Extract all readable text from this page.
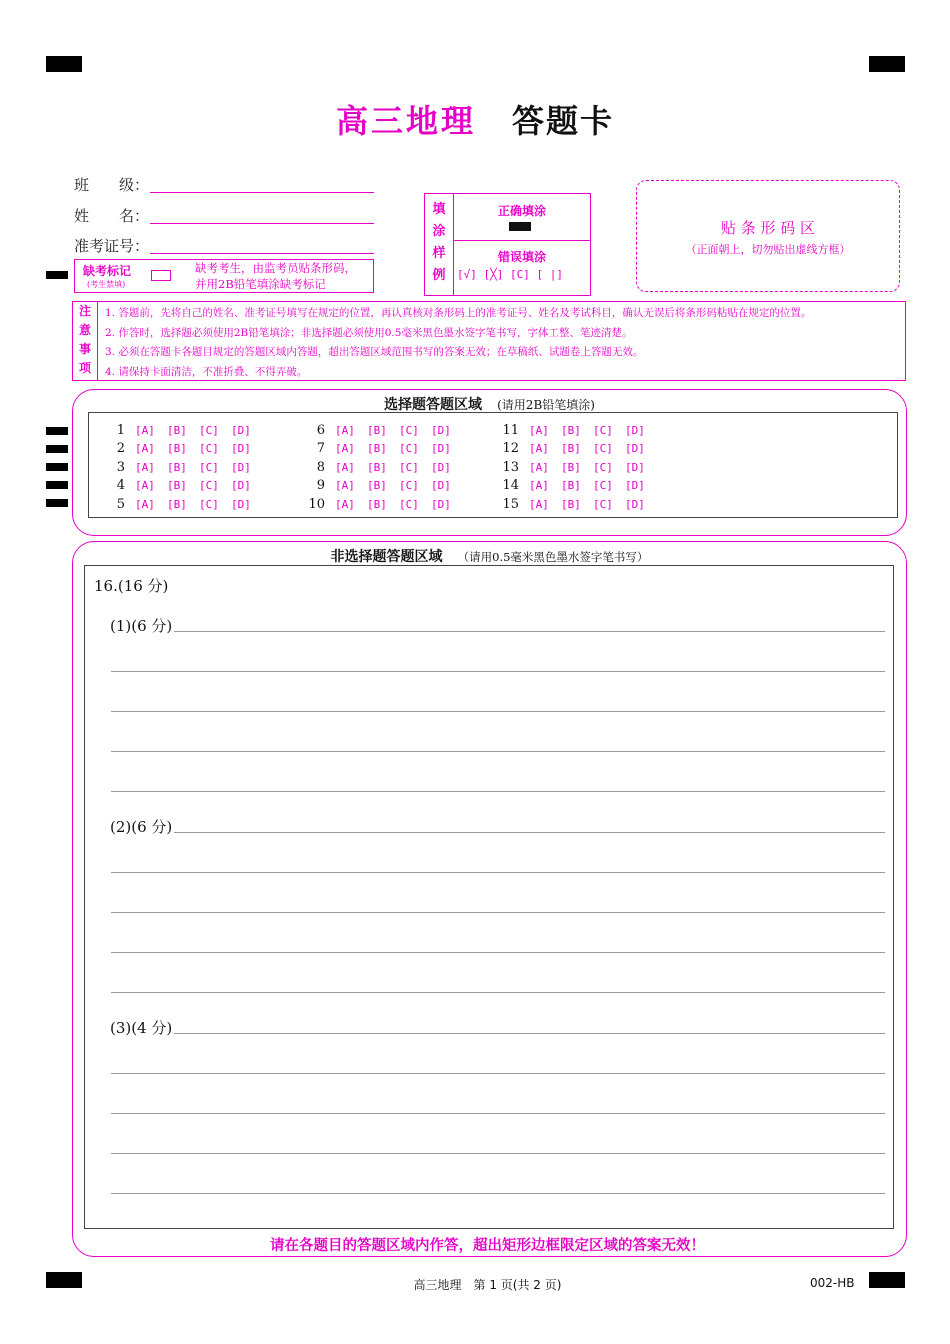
高三地理 答题卡
班　　级：
姓　　名：
准考证号：
缺考标记
(考生禁填)
缺考考生，由监考员贴条形码，
并用2B铅笔填涂缺考标记
填
涂
样
例
正确填涂
错误填涂
[√] [╳] [C] [ |]
贴 条 形 码 区
（正面朝上，切勿贴出虚线方框）
注
意
事
项
1. 答题前，先将自己的姓名、准考证号填写在规定的位置，再认真核对条形码上的准考证号、姓名及考试科目，确认无误后将条形码粘贴在规定的位置。
2. 作答时，选择题必须使用2B铅笔填涂；非选择题必须使用0.5毫米黑色墨水签字笔书写，字体工整、笔迹清楚。
3. 必须在答题卡各题目规定的答题区域内答题，超出答题区域范围书写的答案无效；在草稿纸、试题卷上答题无效。
4. 请保持卡面清洁，不准折叠、不得弄破。
选择题答题区域 (请用2B铅笔填涂)
1 [A] [B] [C] [D]
2 [A] [B] [C] [D]
3 [A] [B] [C] [D]
4 [A] [B] [C] [D]
5 [A] [B] [C] [D]
6 [A] [B] [C] [D]
7 [A] [B] [C] [D]
8 [A] [B] [C] [D]
9 [A] [B] [C] [D]
10 [A] [B] [C] [D]
11 [A] [B] [C] [D]
12 [A] [B] [C] [D]
13 [A] [B] [C] [D]
14 [A] [B] [C] [D]
15 [A] [B] [C] [D]
非选择题答题区域 （请用0.5毫米黑色墨水签字笔书写）
16.(16 分)
(1)(6 分)
(2)(6 分)
(3)(4 分)
请在各题目的答题区域内作答，超出矩形边框限定区域的答案无效！
高三地理　第 1 页(共 2 页)	002-HB
